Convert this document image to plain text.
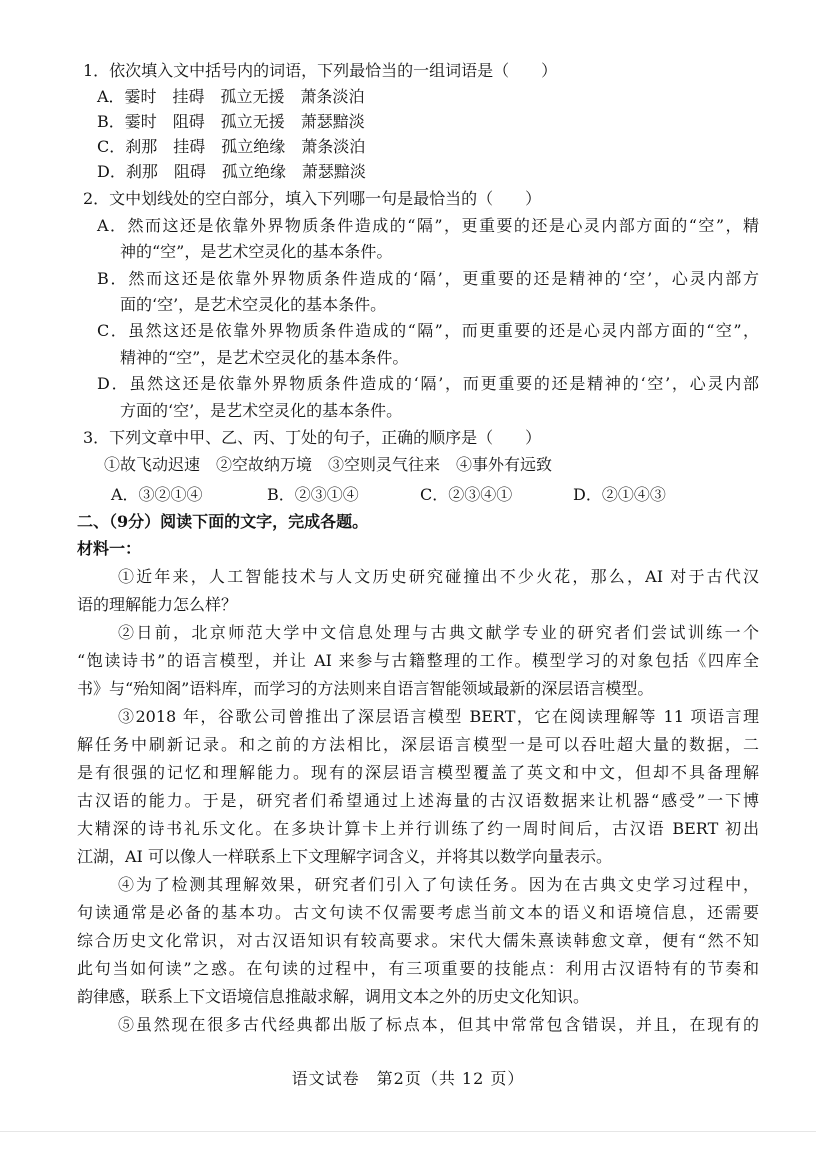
1．依次填入文中括号内的词语，下列最恰当的一组词语是（　　）
A．霎时　挂碍　孤立无援　萧条淡泊
B．霎时　阻碍　孤立无援　萧瑟黯淡
C．刹那　挂碍　孤立绝缘　萧条淡泊
D．刹那　阻碍　孤立绝缘　萧瑟黯淡
2．文中划线处的空白部分，填入下列哪一句是最恰当的（　　）
A．然而这还是依靠外界物质条件造成的“隔”，更重要的还是心灵内部方面的“空”，精
神的“空”，是艺术空灵化的基本条件。
B．然而这还是依靠外界物质条件造成的‘隔’，更重要的还是精神的‘空’，心灵内部方
面的‘空’，是艺术空灵化的基本条件。
C．虽然这还是依靠外界物质条件造成的“隔”，而更重要的还是心灵内部方面的“空”，
精神的“空”，是艺术空灵化的基本条件。
D．虽然这还是依靠外界物质条件造成的‘隔’，而更重要的还是精神的‘空’，心灵内部
方面的‘空’，是艺术空灵化的基本条件。
3．下列文章中甲、乙、丙、丁处的句子，正确的顺序是（　　）
①故飞动迟速　②空故纳万境　③空则灵气往来　④事外有远致
A．③②①④	B．②③①④	C．②③④①	D．②①④③
二、（9分）阅读下面的文字，完成各题。
材料一：
①近年来，人工智能技术与人文历史研究碰撞出不少火花，那么，AI 对于古代汉
语的理解能力怎么样？
②日前，北京师范大学中文信息处理与古典文献学专业的研究者们尝试训练一个
“饱读诗书”的语言模型，并让 AI 来参与古籍整理的工作。模型学习的对象包括《四库全
书》与“殆知阁”语料库，而学习的方法则来自语言智能领域最新的深层语言模型。
③2018 年，谷歌公司曾推出了深层语言模型 BERT，它在阅读理解等 11 项语言理
解任务中刷新记录。和之前的方法相比，深层语言模型一是可以吞吐超大量的数据，二
是有很强的记忆和理解能力。现有的深层语言模型覆盖了英文和中文，但却不具备理解
古汉语的能力。于是，研究者们希望通过上述海量的古汉语数据来让机器“感受”一下博
大精深的诗书礼乐文化。在多块计算卡上并行训练了约一周时间后，古汉语 BERT 初出
江湖，AI 可以像人一样联系上下文理解字词含义，并将其以数学向量表示。
④为了检测其理解效果，研究者们引入了句读任务。因为在古典文史学习过程中，
句读通常是必备的基本功。古文句读不仅需要考虑当前文本的语义和语境信息，还需要
综合历史文化常识，对古汉语知识有较高要求。宋代大儒朱熹读韩愈文章，便有“然不知
此句当如何读”之惑。在句读的过程中，有三项重要的技能点：利用古汉语特有的节奏和
韵律感，联系上下文语境信息推敲求解，调用文本之外的历史文化知识。
⑤虽然现在很多古代经典都出版了标点本，但其中常常包含错误，并且，在现有的
语文试卷　第2页（共 12 页）
